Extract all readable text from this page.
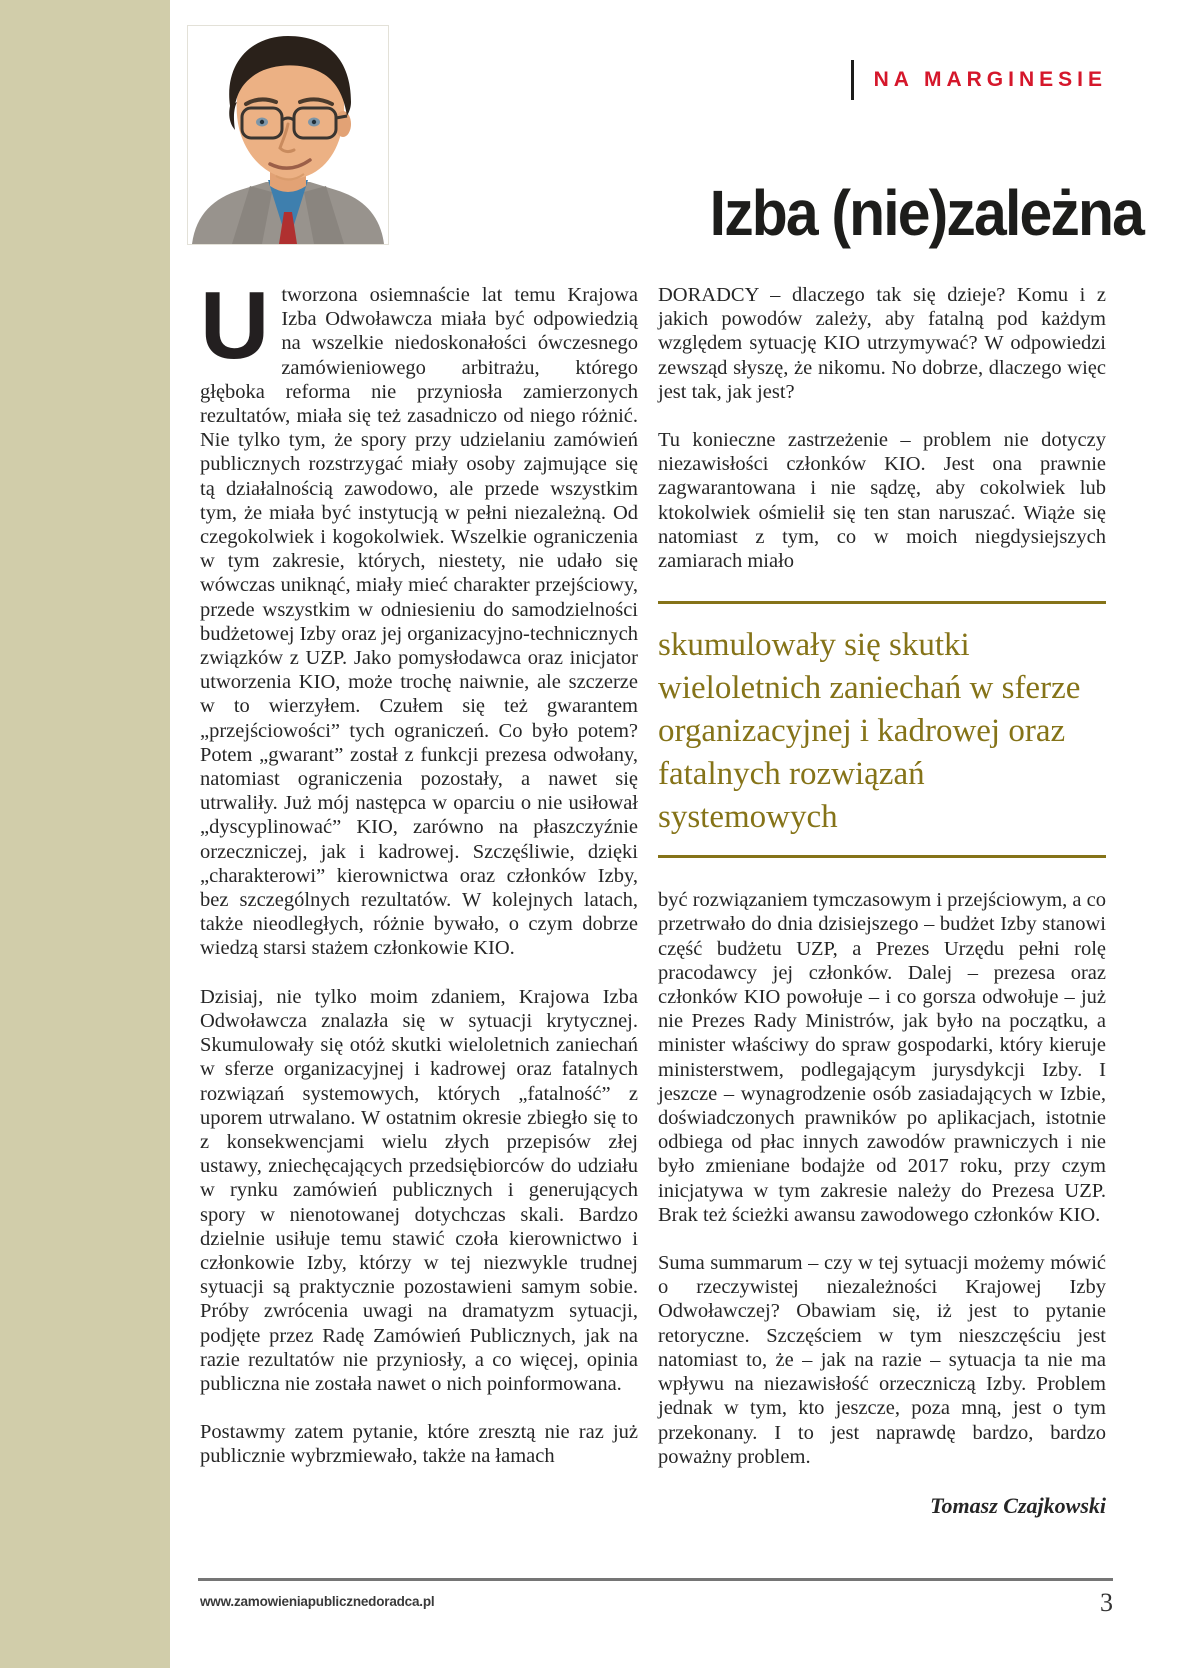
NA MARGINESIE
Izba (nie)zależna

Utworzona osiemnaście lat temu Krajowa Izba Odwoławcza miała być odpowiedzią na wszelkie niedoskonałości ówczesnego zamówieniowego arbitrażu, którego głęboka reforma nie przyniosła zamierzonych rezultatów, miała się też zasadniczo od niego różnić. Nie tylko tym, że spory przy udzielaniu zamówień publicznych rozstrzygać miały osoby zajmujące się tą działalnością zawodowo, ale przede wszystkim tym, że miała być instytucją w pełni niezależną. Od czegokolwiek i kogokolwiek. Wszelkie ograniczenia w tym zakresie, których, niestety, nie udało się wówczas uniknąć, miały mieć charakter przejściowy, przede wszystkim w odniesieniu do samodzielności budżetowej Izby oraz jej organizacyjno-technicznych związków z UZP. Jako pomysłodawca oraz inicjator utworzenia KIO, może trochę naiwnie, ale szczerze w to wierzyłem. Czułem się też gwarantem „przejściowości” tych ograniczeń. Co było potem? Potem „gwarant” został z funkcji prezesa odwołany, natomiast ograniczenia pozostały, a nawet się utrwaliły. Już mój następca w oparciu o nie usiłował „dyscyplinować” KIO, zarówno na płaszczyźnie orzeczniczej, jak i kadrowej. Szczęśliwie, dzięki „charakterowi” kierownictwa oraz członków Izby, bez szczególnych rezultatów. W kolejnych latach, także nieodległych, różnie bywało, o czym dobrze wiedzą starsi stażem członkowie KIO.

Dzisiaj, nie tylko moim zdaniem, Krajowa Izba Odwoławcza znalazła się w sytuacji krytycznej. Skumulowały się otóż skutki wieloletnich zaniechań w sferze organizacyjnej i kadrowej oraz fatalnych rozwiązań systemowych, których „fatalność” z uporem utrwalano. W ostatnim okresie zbiegło się to z konsekwencjami wielu złych przepisów złej ustawy, zniechęcających przedsiębiorców do udziału w rynku zamówień publicznych i generujących spory w nienotowanej dotychczas skali. Bardzo dzielnie usiłuje temu stawić czoła kierownictwo i członkowie Izby, którzy w tej niezwykle trudnej sytuacji są praktycznie pozostawieni samym sobie. Próby zwrócenia uwagi na dramatyzm sytuacji, podjęte przez Radę Zamówień Publicznych, jak na razie rezultatów nie przyniosły, a co więcej, opinia publiczna nie została nawet o nich poinformowana.

Postawmy zatem pytanie, które zresztą nie raz już publicznie wybrzmiewało, także na łamach

DORADCY – dlaczego tak się dzieje? Komu i z jakich powodów zależy, aby fatalną pod każdym względem sytuację KIO utrzymywać? W odpowiedzi zewsząd słyszę, że nikomu. No dobrze, dlaczego więc jest tak, jak jest?

Tu konieczne zastrzeżenie – problem nie dotyczy niezawisłości członków KIO. Jest ona prawnie zagwarantowana i nie sądzę, aby cokolwiek lub ktokolwiek ośmielił się ten stan naruszać. Wiąże się natomiast z tym, co w moich niegdysiejszych zamiarach miało

skumulowały się skutki wieloletnich zaniechań w sferze organizacyjnej i kadrowej oraz fatalnych rozwiązań systemowych

być rozwiązaniem tymczasowym i przejściowym, a co przetrwało do dnia dzisiejszego – budżet Izby stanowi część budżetu UZP, a Prezes Urzędu pełni rolę pracodawcy jej członków. Dalej – prezesa oraz członków KIO powołuje – i co gorsza odwołuje – już nie Prezes Rady Ministrów, jak było na początku, a minister właściwy do spraw gospodarki, który kieruje ministerstwem, podlegającym jurysdykcji Izby. I jeszcze – wynagrodzenie osób zasiadających w Izbie, doświadczonych prawników po aplikacjach, istotnie odbiega od płac innych zawodów prawniczych i nie było zmieniane bodajże od 2017 roku, przy czym inicjatywa w tym zakresie należy do Prezesa UZP. Brak też ścieżki awansu zawodowego członków KIO.

Suma summarum – czy w tej sytuacji możemy mówić o rzeczywistej niezależności Krajowej Izby Odwoławczej? Obawiam się, iż jest to pytanie retoryczne. Szczęściem w tym nieszczęściu jest natomiast to, że – jak na razie – sytuacja ta nie ma wpływu na niezawisłość orzeczniczą Izby. Problem jednak w tym, kto jeszcze, poza mną, jest o tym przekonany. I to jest naprawdę bardzo, bardzo poważny problem.

Tomasz Czajkowski
www.zamowieniapublicznedoradca.pl	3
